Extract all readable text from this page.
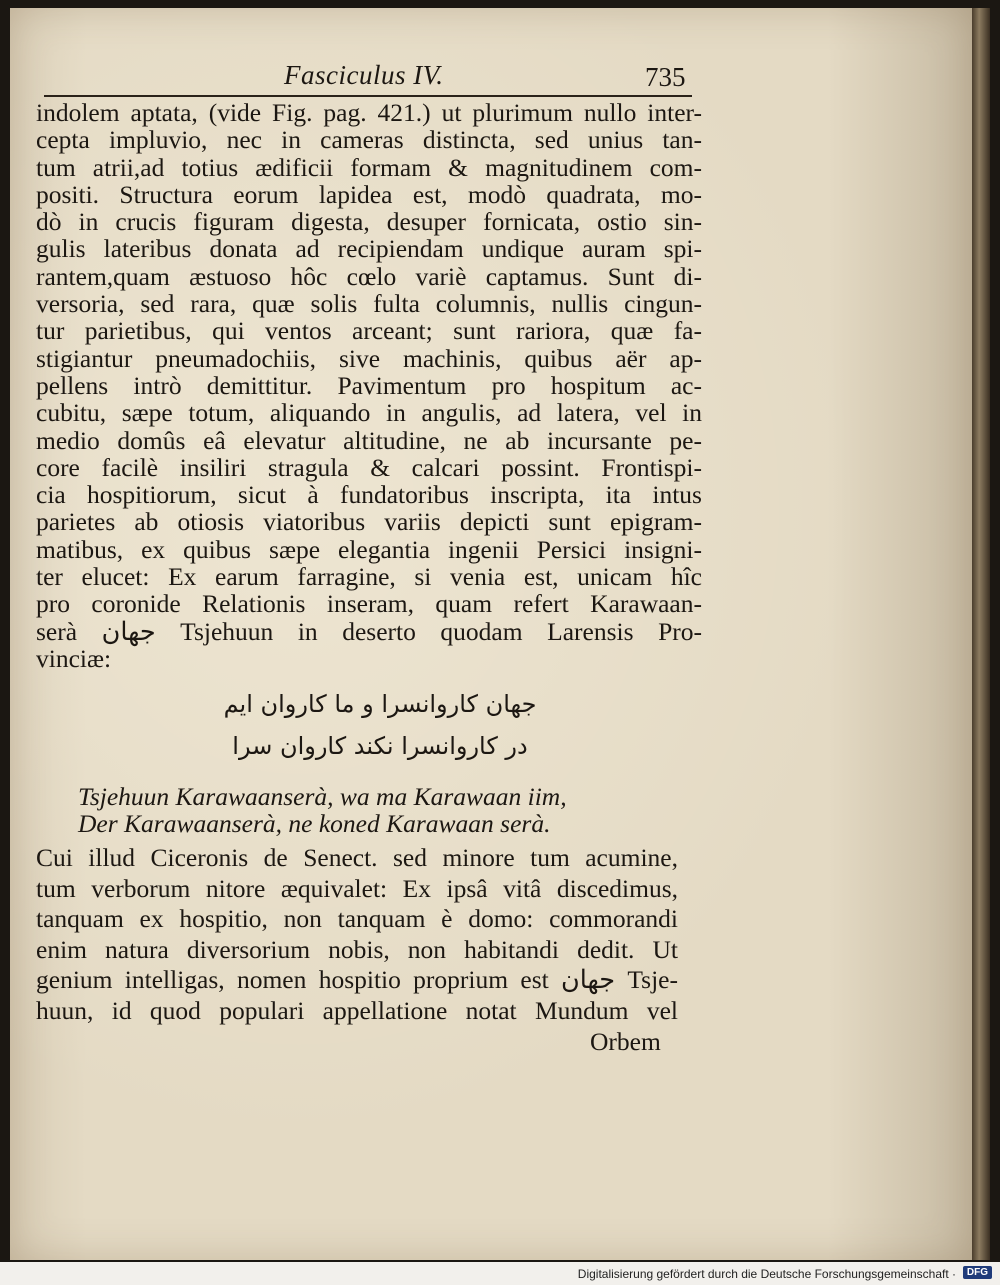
Fasciculus IV.	735
indolem aptata, (vide Fig. pag. 421.) ut plurimum nullo inter-
cepta impluvio, nec in cameras distincta, sed unius tan-
tum atrii,ad totius ædificii formam & magnitudinem com-
positi. Structura eorum lapidea est, modò quadrata, mo-
dò in crucis figuram digesta, desuper fornicata, ostio sin-
gulis lateribus donata ad recipiendam undique auram spi-
rantem,quam æstuoso hôc cœlo variè captamus. Sunt di-
versoria, sed rara, quæ solis fulta columnis, nullis cingun-
tur parietibus, qui ventos arceant; sunt rariora, quæ fa-
stigiantur pneumadochiis, sive machinis, quibus aër ap-
pellens intrò demittitur. Pavimentum pro hospitum ac-
cubitu, sæpe totum, aliquando in angulis, ad latera, vel in
medio domûs eâ elevatur altitudine, ne ab incursante pe-
core facilè insiliri stragula & calcari possint. Frontispi-
cia hospitiorum, sicut à fundatoribus inscripta, ita intus
parietes ab otiosis viatoribus variis depicti sunt epigram-
matibus, ex quibus sæpe elegantia ingenii Persici insigni-
ter elucet: Ex earum farragine, si venia est, unicam hîc
pro coronide Relationis inseram, quam refert Karawaan-
serà جهان Tsjehuun in deserto quodam Larensis Pro-
vinciæ:
جهان کاروانسرا و ما کاروان ایم
در کاروانسرا نکند کاروان سرا
Tsjehuun Karawaanserà, wa ma Karawaan iim,
Der Karawaanserà, ne koned Karawaan serà.
Cui illud Ciceronis de Senect. sed minore tum acumine,
tum verborum nitore æquivalet: Ex ipsâ vitâ discedimus,
tanquam ex hospitio, non tanquam è domo: commorandi
enim natura diversorium nobis, non habitandi dedit. Ut
genium intelligas, nomen hospitio proprium est جهان Tsje-
huun, id quod populari appellatione notat Mundum vel
Orbem
Digitalisierung gefördert durch die Deutsche Forschungsgemeinschaft ·	DFG
